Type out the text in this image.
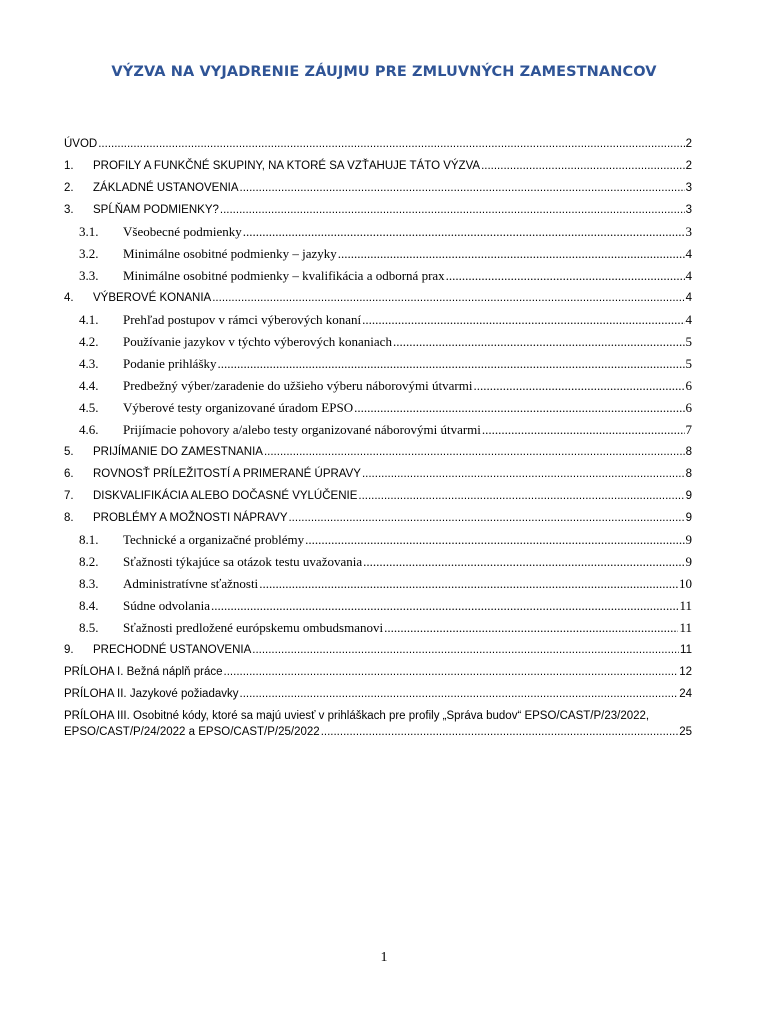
VÝZVA NA VYJADRENIE ZÁUJMU PRE ZMLUVNÝCH ZAMESTNANCOV
ÚVOD .....	2
1.	PROFILY A FUNKČNÉ SKUPINY, NA KTORÉ SA VZŤAHUJE TÁTO VÝZVA .....	2
2.	ZÁKLADNÉ USTANOVENIA .....	3
3.	SPĹŇAM PODMIENKY? .....	3
3.1.	Všeobecné podmienky .....	3
3.2.	Minimálne osobitné podmienky – jazyky .....	4
3.3.	Minimálne osobitné podmienky – kvalifikácia a odborná prax .....	4
4.	VÝBEROVÉ KONANIA .....	4
4.1.	Prehľad postupov v rámci výberových konaní .....	4
4.2.	Používanie jazykov v týchto výberových konaniach .....	5
4.3.	Podanie prihlášky .....	5
4.4.	Predbežný výber/zaradenie do užšieho výberu náborovými útvarmi .....	6
4.5.	Výberové testy organizované úradom EPSO .....	6
4.6.	Prijímacie pohovory a/alebo testy organizované náborovými útvarmi .....	7
5.	PRIJÍMANIE DO ZAMESTNANIA .....	8
6.	ROVNOSŤ PRÍLEŽITOSTÍ A PRIMERANÉ ÚPRAVY .....	8
7.	DISKVALIFIKÁCIA ALEBO DOČASNÉ VYLÚČENIE .....	9
8.	PROBLÉMY A MOŽNOSTI NÁPRAVY .....	9
8.1.	Technické a organizačné problémy .....	9
8.2.	Sťažnosti týkajúce sa otázok testu uvažovania .....	9
8.3.	Administratívne sťažnosti .....	10
8.4.	Súdne odvolania .....	11
8.5.	Sťažnosti predložené európskemu ombudsmanovi .....	11
9.	PRECHODNÉ USTANOVENIA .....	11
PRÍLOHA I. Bežná náplň práce .....	12
PRÍLOHA II. Jazykové požiadavky .....	24
PRÍLOHA III. Osobitné kódy, ktoré sa majú uviesť v prihláškach pre profily „Správa budov“ EPSO/CAST/P/23/2022,
EPSO/CAST/P/24/2022 a EPSO/CAST/P/25/2022 .....	25
1
